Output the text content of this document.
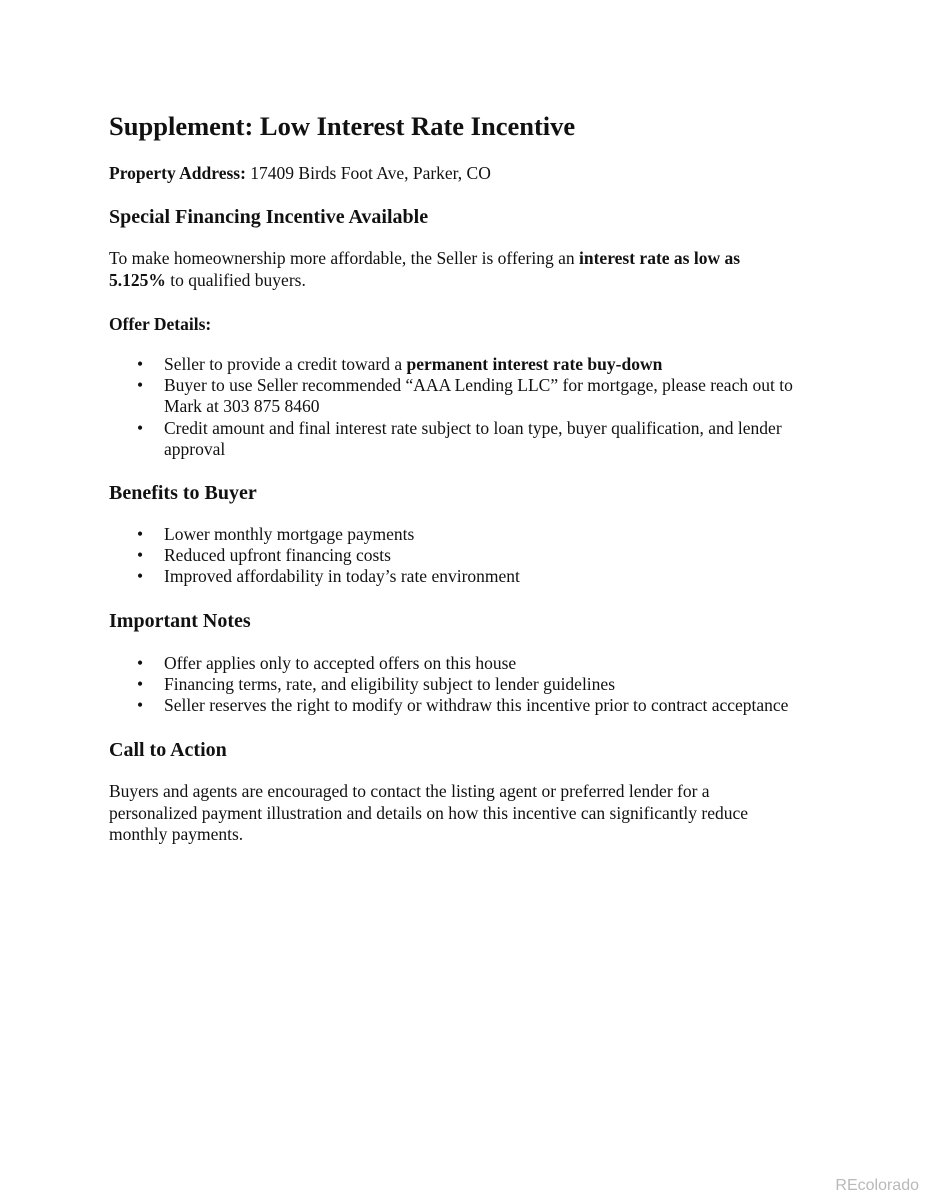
Supplement: Low Interest Rate Incentive

Property Address: 17409 Birds Foot Ave, Parker, CO

Special Financing Incentive Available

To make homeownership more affordable, the Seller is offering an interest rate as low as 5.125% to qualified buyers.

Offer Details:

• Seller to provide a credit toward a permanent interest rate buy-down
• Buyer to use Seller recommended “AAA Lending LLC” for mortgage, please reach out to Mark at 303 875 8460
• Credit amount and final interest rate subject to loan type, buyer qualification, and lender approval
Benefits to Buyer
• Lower monthly mortgage payments
• Reduced upfront financing costs
• Improved affordability in today’s rate environment
Important Notes
• Offer applies only to accepted offers on this house
• Financing terms, rate, and eligibility subject to lender guidelines
• Seller reserves the right to modify or withdraw this incentive prior to contract acceptance
Call to Action

Buyers and agents are encouraged to contact the listing agent or preferred lender for a personalized payment illustration and details on how this incentive can significantly reduce monthly payments.

REcolorado
